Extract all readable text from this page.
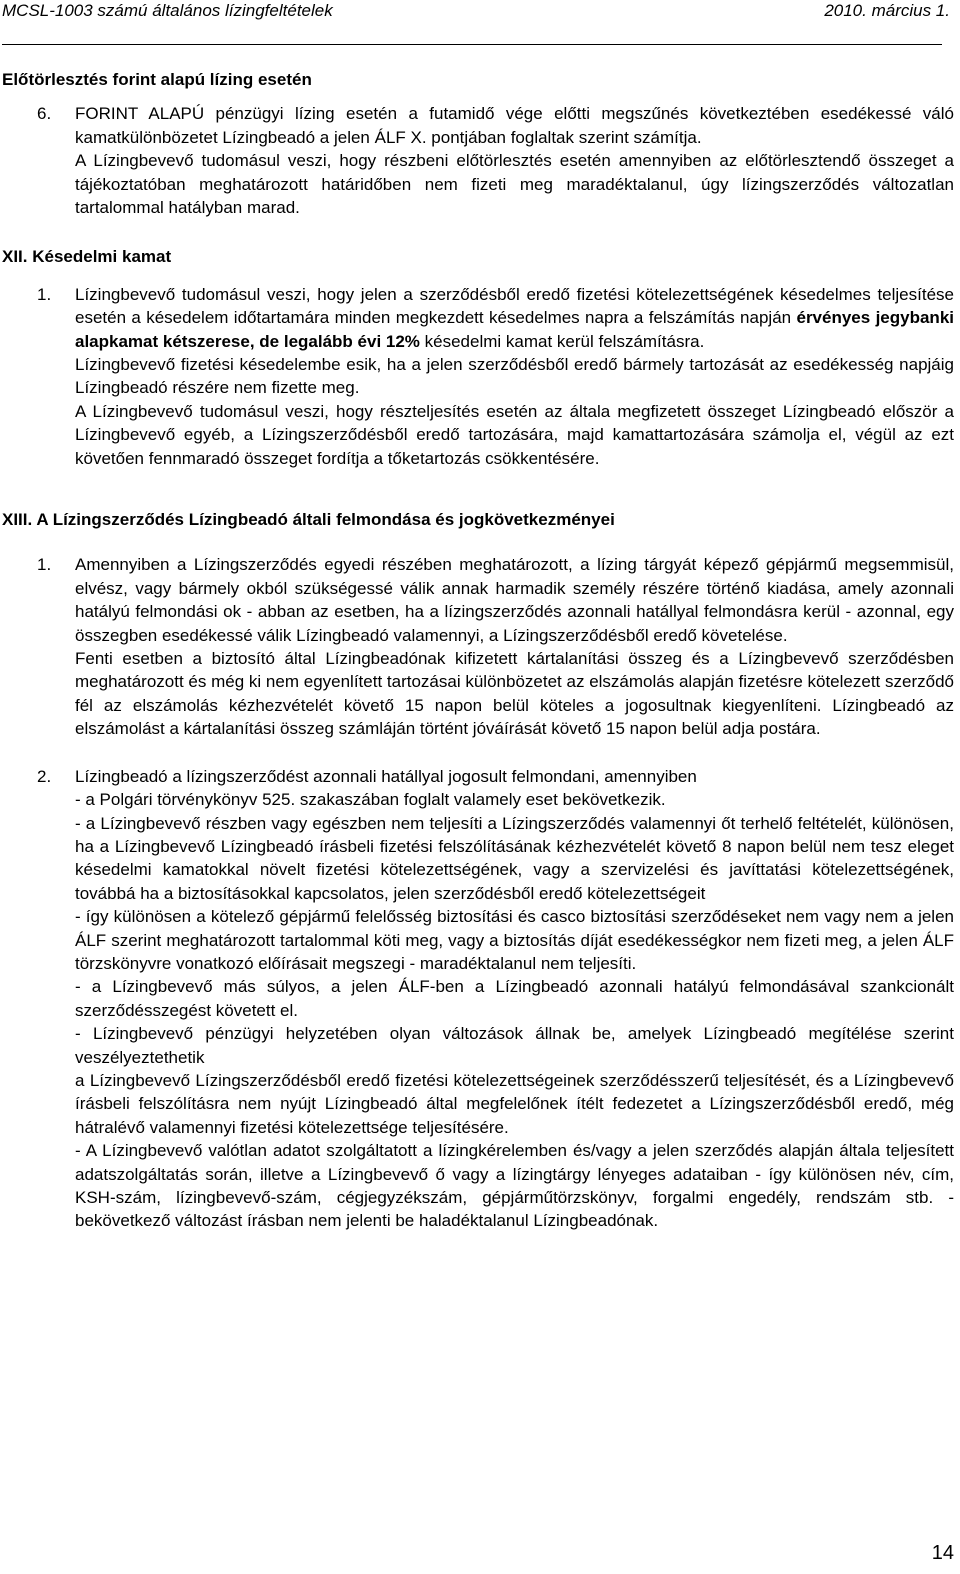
MCSL-1003 számú általános lízingfeltételek	2010. március 1.
Előtörlesztés forint alapú lízing esetén
6. FORINT ALAPÚ pénzügyi lízing esetén a futamidő vége előtti megszűnés következtében esedékessé váló kamatkülönbözetet Lízingbeadó a jelen ÁLF X. pontjában foglaltak szerint számítja.

A Lízingbevevő tudomásul veszi, hogy részbeni előtörlesztés esetén amennyiben az előtörlesztendő összeget a tájékoztatóban meghatározott határidőben nem fizeti meg maradéktalanul, úgy lízingszerződés változatlan tartalommal hatályban marad.

XII. Késedelmi kamat
1. Lízingbevevő tudomásul veszi, hogy jelen a szerződésből eredő fizetési kötelezettségének késedelmes teljesítése esetén a késedelem időtartamára minden megkezdett késedelmes napra a felszámítás napján érvényes jegybanki alapkamat kétszerese, de legalább évi 12% késedelmi kamat kerül felszámításra.

Lízingbevevő fizetési késedelembe esik, ha a jelen szerződésből eredő bármely tartozását az esedékesség napjáig Lízingbeadó részére nem fizette meg.

A Lízingbevevő tudomásul veszi, hogy részteljesítés esetén az általa megfizetett összeget Lízingbeadó először a Lízingbevevő egyéb, a Lízingszerződésből eredő tartozására, majd kamattartozására számolja el, végül az ezt követően fennmaradó összeget fordítja a tőketartozás csökkentésére.

XIII. A Lízingszerződés Lízingbeadó általi felmondása és jogkövetkezményei
1. Amennyiben a Lízingszerződés egyedi részében meghatározott, a lízing tárgyát képező gépjármű megsemmisül, elvész, vagy bármely okból szükségessé válik annak harmadik személy részére történő kiadása, amely azonnali hatályú felmondási ok - abban az esetben, ha a lízingszerződés azonnali hatállyal felmondásra kerül - azonnal, egy összegben esedékessé válik Lízingbeadó valamennyi, a Lízingszerződésből eredő követelése.

Fenti esetben a biztosító által Lízingbeadónak kifizetett kártalanítási összeg és a Lízingbevevő szerződésben meghatározott és még ki nem egyenlített tartozásai különbözetet az elszámolás alapján fizetésre kötelezett szerződő fél az elszámolás kézhezvételét követő 15 napon belül köteles a jogosultnak kiegyenlíteni. Lízingbeadó az elszámolást a kártalanítási összeg számláján történt jóváírását követő 15 napon belül adja postára.

2. Lízingbeadó a lízingszerződést azonnali hatállyal jogosult felmondani, amennyiben

- a Polgári törvénykönyv 525. szakaszában foglalt valamely eset bekövetkezik.

- a Lízingbevevő részben vagy egészben nem teljesíti a Lízingszerződés valamennyi őt terhelő feltételét, különösen, ha a Lízingbevevő Lízingbeadó írásbeli fizetési felszólításának kézhezvételét követő 8 napon belül nem tesz eleget késedelmi kamatokkal növelt fizetési kötelezettségének, vagy a szervizelési és javíttatási kötelezettségének, továbbá ha a biztosításokkal kapcsolatos, jelen szerződésből eredő kötelezettségeit

- így különösen a kötelező gépjármű felelősség biztosítási és casco biztosítási szerződéseket nem vagy nem a jelen ÁLF szerint meghatározott tartalommal köti meg, vagy a biztosítás díját esedékességkor nem fizeti meg, a jelen ÁLF törzskönyvre vonatkozó előírásait megszegi - maradéktalanul nem teljesíti.

- a Lízingbevevő más súlyos, a jelen ÁLF-ben a Lízingbeadó azonnali hatályú felmondásával szankcionált szerződésszegést követett el.

- Lízingbevevő pénzügyi helyzetében olyan változások állnak be, amelyek Lízingbeadó megítélése szerint veszélyeztethetik

a Lízingbevevő Lízingszerződésből eredő fizetési kötelezettségeinek szerződésszerű teljesítését, és a Lízingbevevő írásbeli felszólításra nem nyújt Lízingbeadó által megfelelőnek ítélt fedezetet a Lízingszerződésből eredő, még hátralévő valamennyi fizetési kötelezettsége teljesítésére.

- A Lízingbevevő valótlan adatot szolgáltatott a lízingkérelemben és/vagy a jelen szerződés alapján általa teljesített adatszolgáltatás során, illetve a Lízingbevevő ő vagy a lízingtárgy lényeges adataiban - így különösen név, cím, KSH-szám, lízingbevevő-szám, cégjegyzékszám, gépjárműtörzskönyv, forgalmi engedély, rendszám stb. - bekövetkező változást írásban nem jelenti be haladéktalanul Lízingbeadónak.

14
